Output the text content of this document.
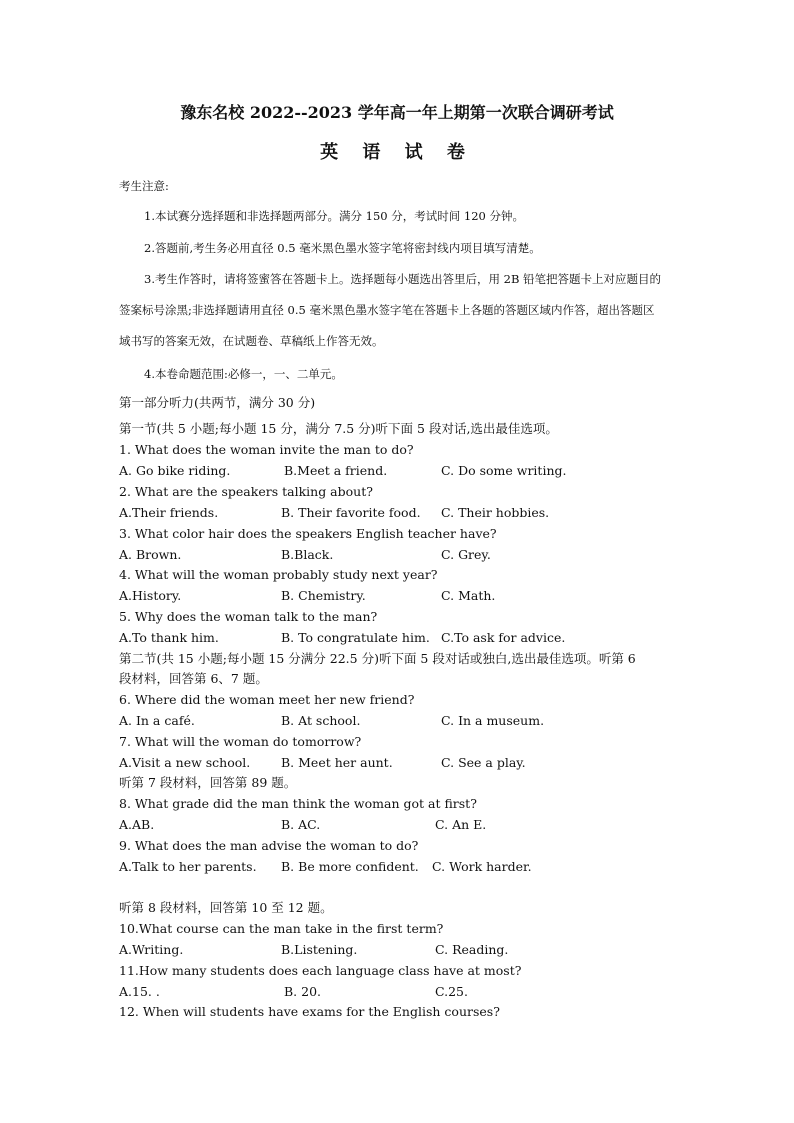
豫东名校 2022--2023 学年高一年上期第一次联合调研考试
英 语 试 卷
考生注意:
1.本试赛分选择题和非选择题两部分。满分 150 分，考试时间 120 分钟。
2.答题前,考生务必用直径 0.5 毫米黑色墨水签字笔将密封线内项目填写清楚。
3.考生作答时，请将签蜜答在答题卡上。选择题每小题选出答里后，用 2B 铅笔把答题卡上对应题目的
签案标号涂黑;非选择题请用直径 0.5 毫米黑色墨水签字笔在答题卡上各题的答题区域内作答，超出答题区
域书写的答案无效，在试题卷、草稿纸上作答无效。
4.本卷命题范围:必修一，一、二单元。
第一部分听力(共两节，满分 30 分)
第一节(共 5 小题;每小题 15 分，满分 7.5 分)听下面 5 段对话,选出最佳选项。
1. What does the woman invite the man to do?
A. Go bike riding.	B.Meet a friend.	C. Do some writing.
2. What are the speakers talking about?
A.Their friends.	B. Their favorite food. C. Their hobbies.
3. What color hair does the speakers English teacher have?
A. Brown.	B.Black.	C. Grey.
4. What will the woman probably study next year?
A.History.	B. Chemistry.	C. Math.
5. Why does the woman talk to the man?
A.To thank him.	B. To congratulate him. C.To ask for advice.
第二节(共 15 小题;每小题 15 分满分 22.5 分)听下面 5 段对话或独白,选出最佳选项。听第 6
段材料，回答第 6、7 题。
6. Where did the woman meet her new friend?
A. In a café.	B. At school.	C. In a museum.
7. What will the woman do tomorrow?
A.Visit a new school. B. Meet her aunt.	C. See a play.
听第 7 段材料，回答第 89 题。
8. What grade did the man think the woman got at first?
A.AB.	B. AC.	C. An E.
9. What does the man advise the woman to do?
A.Talk to her parents. B. Be more confident. C. Work harder.
听第 8 段材料，回答第 10 至 12 题。
10.What course can the man take in the first term?
A.Writing.	B.Listening.	C. Reading.
11.How many students does each language class have at most?
A.15. .	B. 20.	C.25.
12. When will students have exams for the English courses?
